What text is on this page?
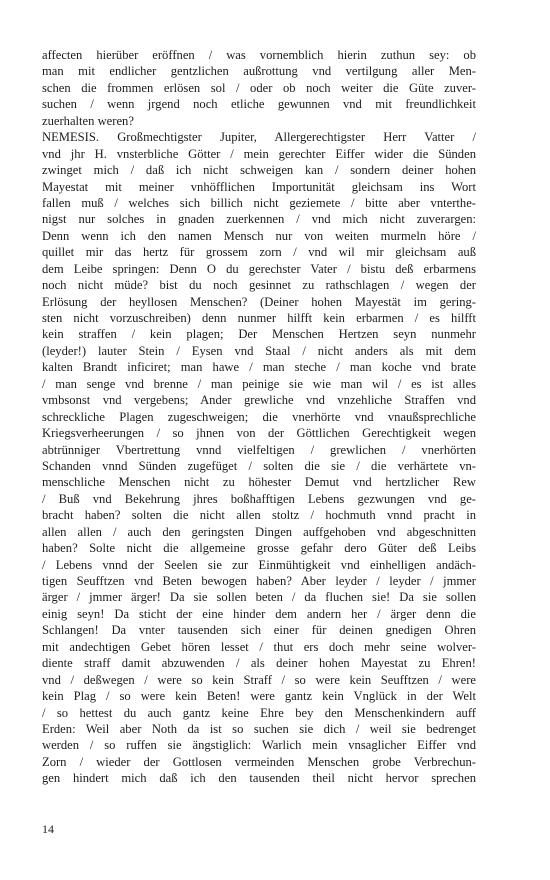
affecten hierüber eröffnen / was vornemblich hierin zuthun sey: ob
man mit endlicher gentzlichen außrottung vnd vertilgung aller Men-
schen die frommen erlösen sol / oder ob noch weiter die Güte zuver-
suchen / wenn jrgend noch etliche gewunnen vnd mit freundlichkeit
zuerhalten weren?
NEMESIS. Großmechtigster Jupiter, Allergerechtigster Herr Vatter /
vnd jhr H. vnsterbliche Götter / mein gerechter Eiffer wider die Sünden
zwinget mich / daß ich nicht schweigen kan / sondern deiner hohen
Mayestat mit meiner vnhöfflichen Importunität gleichsam ins Wort
fallen muß / welches sich billich nicht geziemete / bitte aber vnterthe-
nigst nur solches in gnaden zuerkennen / vnd mich nicht zuverargen:
Denn wenn ich den namen Mensch nur von weiten murmeln höre /
quillet mir das hertz für grossem zorn / vnd wil mir gleichsam auß
dem Leibe springen: Denn O du gerechster Vater / bistu deß erbarmens
noch nicht müde? bist du noch gesinnet zu rathschlagen / wegen der
Erlösung der heyllosen Menschen? (Deiner hohen Mayestät im gering-
sten nicht vorzuschreiben) denn nunmer hilfft kein erbarmen / es hilfft
kein straffen / kein plagen; Der Menschen Hertzen seyn nunmehr
(leyder!) lauter Stein / Eysen vnd Staal / nicht anders als mit dem
kalten Brandt inficiret; man hawe / man steche / man koche vnd brate
/ man senge vnd brenne / man peinige sie wie man wil / es ist alles
vmbsonst vnd vergebens; Ander grewliche vnd vnzehliche Straffen vnd
schreckliche Plagen zugeschweigen; die vnerhörte vnd vnaußsprechliche
Kriegsverheerungen / so jhnen von der Göttlichen Gerechtigkeit wegen
abtrünniger Vbertrettung vnnd vielfeltigen / grewlichen / vnerhörten
Schanden vnnd Sünden zugefüget / solten die sie / die verhärtete vn-
menschliche Menschen nicht zu höhester Demut vnd hertzlicher Rew
/ Buß vnd Bekehrung jhres boßhafftigen Lebens gezwungen vnd ge-
bracht haben? solten die nicht allen stoltz / hochmuth vnnd pracht in
allen allen / auch den geringsten Dingen auffgehoben vnd abgeschnitten
haben? Solte nicht die allgemeine grosse gefahr dero Güter deß Leibs
/ Lebens vnnd der Seelen sie zur Einmühtigkeit vnd einhelligen andäch-
tigen Seufftzen vnd Beten bewogen haben? Aber leyder / leyder / jmmer
ärger / jmmer ärger! Da sie sollen beten / da fluchen sie! Da sie sollen
einig seyn! Da sticht der eine hinder dem andern her / ärger denn die
Schlangen! Da vnter tausenden sich einer für deinen gnedigen Ohren
mit andechtigen Gebet hören lesset / thut ers doch mehr seine wolver-
diente straff damit abzuwenden / als deiner hohen Mayestat zu Ehren!
vnd / deßwegen / were so kein Straff / so were kein Seufftzen / were
kein Plag / so were kein Beten! were gantz kein Vnglück in der Welt
/ so hettest du auch gantz keine Ehre bey den Menschenkindern auff
Erden: Weil aber Noth da ist so suchen sie dich / weil sie bedrenget
werden / so ruffen sie ängstiglich: Warlich mein vnsaglicher Eiffer vnd
Zorn / wieder der Gottlosen vermeinden Menschen grobe Verbrechun-
gen hindert mich daß ich den tausenden theil nicht hervor sprechen
14
